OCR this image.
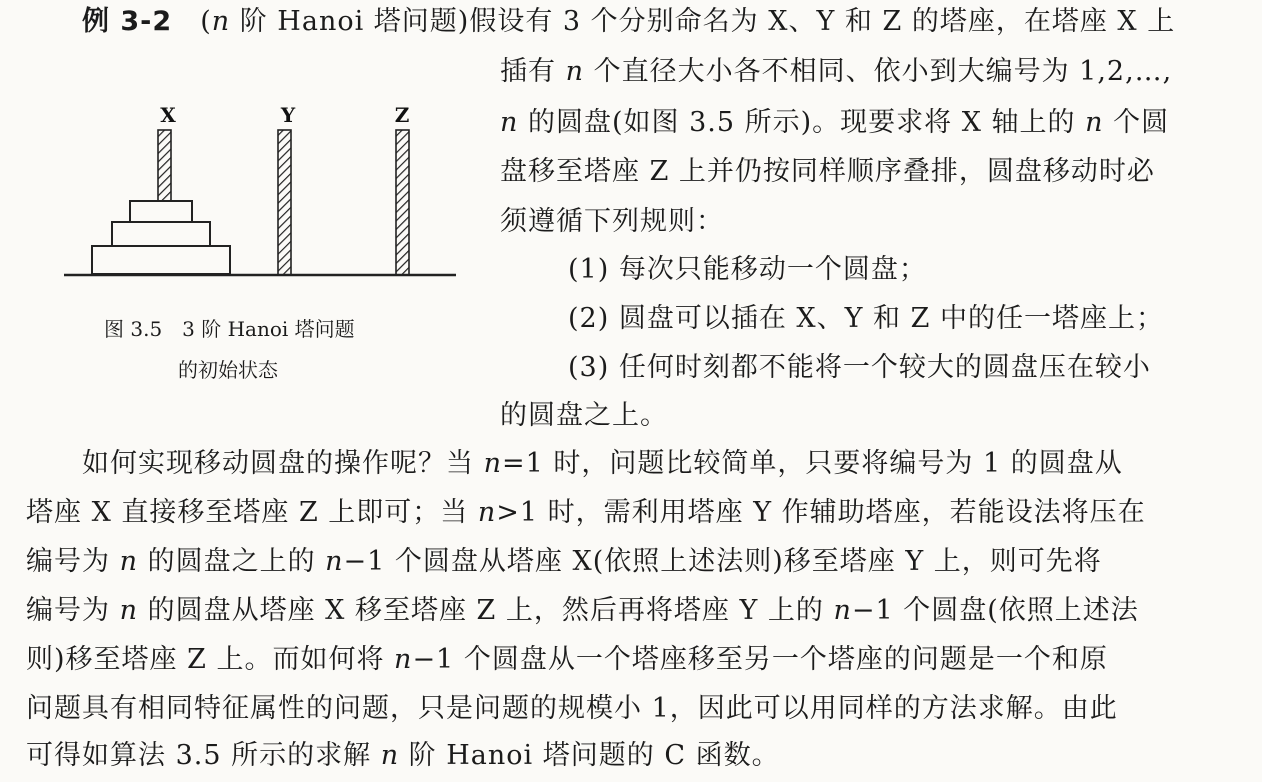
例 3-2  (n 阶 Hanoi 塔问题)假设有 3 个分别命名为 X、Y 和 Z 的塔座，在塔座 X 上
插有 n 个直径大小各不相同、依小到大编号为 1,2,…,
n 的圆盘(如图 3.5 所示)。现要求将 X 轴上的 n 个圆
盘移至塔座 Z 上并仍按同样顺序叠排，圆盘移动时必
须遵循下列规则：
(1) 每次只能移动一个圆盘；
(2) 圆盘可以插在 X、Y 和 Z 中的任一塔座上；
(3) 任何时刻都不能将一个较大的圆盘压在较小
的圆盘之上。
X	Y	Z
图 3.5　3 阶 Hanoi 塔问题
的初始状态
如何实现移动圆盘的操作呢？当 n=1 时，问题比较简单，只要将编号为 1 的圆盘从
塔座 X 直接移至塔座 Z 上即可；当 n>1 时，需利用塔座 Y 作辅助塔座，若能设法将压在
编号为 n 的圆盘之上的 n−1 个圆盘从塔座 X(依照上述法则)移至塔座 Y 上，则可先将
编号为 n 的圆盘从塔座 X 移至塔座 Z 上，然后再将塔座 Y 上的 n−1 个圆盘(依照上述法
则)移至塔座 Z 上。而如何将 n−1 个圆盘从一个塔座移至另一个塔座的问题是一个和原
问题具有相同特征属性的问题，只是问题的规模小 1，因此可以用同样的方法求解。由此
可得如算法 3.5 所示的求解 n 阶 Hanoi 塔问题的 C 函数。
